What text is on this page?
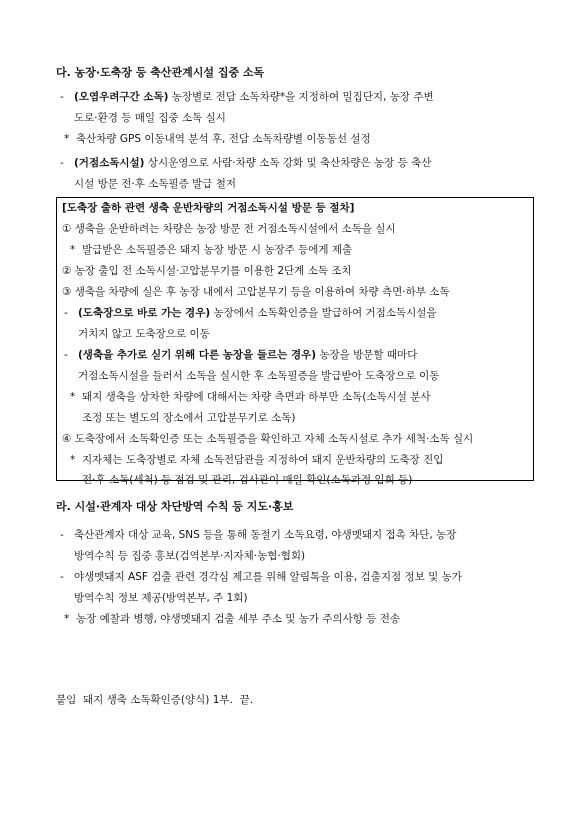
다. 농장·도축장 등 축산관계시설 집중 소독
- (오염우려구간 소독) 농장별로 전담 소독차량*을 지정하여 밀집단지, 농장 주변
도로·환경 등 매일 집중 소독 실시
* 축산차량 GPS 이동내역 분석 후, 전담 소독차량별 이동동선 설정
- (거점소독시설) 상시운영으로 사람·차량 소독 강화 및 축산차량은 농장 등 축산
시설 방문 전·후 소독필증 발급 철저
[도축장 출하 관련 생축 운반차량의 거점소독시설 방문 등 절차]
① 생축을 운반하려는 차량은 농장 방문 전 거점소독시설에서 소독을 실시
* 발급받은 소독필증은 돼지 농장 방문 시 농장주 등에게 제출
② 농장 출입 전 소독시설·고압분무기를 이용한 2단계 소독 조치
③ 생축을 차량에 실은 후 농장 내에서 고압분무기 등을 이용하여 차량 측면·하부 소독
- (도축장으로 바로 가는 경우) 농장에서 소독확인증을 발급하여 거점소독시설을
거치지 않고 도축장으로 이동
- (생축을 추가로 싣기 위해 다른 농장을 들르는 경우) 농장을 방문할 때마다
거점소독시설을 들러서 소독을 실시한 후 소독필증을 발급받아 도축장으로 이동
* 돼지 생축을 상차한 차량에 대해서는 차량 측면과 하부만 소독(소독시설 분사
조정 또는 별도의 장소에서 고압분무기로 소독)
④ 도축장에서 소독확인증 또는 소독필증을 확인하고 자체 소독시설로 추가 세척·소독 실시
* 지자체는 도축장별로 자체 소독전담관을 지정하여 돼지 운반차량의 도축장 진입
전·후 소독(세척) 등 점검 및 관리, 검사관이 매일 확인(소독과정 입회 등)
라. 시설·관계자 대상 차단방역 수칙 등 지도·홍보
- 축산관계자 대상 교육, SNS 등을 통해 동절기 소독요령, 야생멧돼지 접촉 차단, 농장
방역수칙 등 집중 홍보(검역본부·지자체·농협·협회)
- 야생멧돼지 ASF 검출 관련 경각심 제고를 위해 알림톡을 이용, 검출지점 정보 및 농가
방역수칙 정보 제공(방역본부, 주 1회)
* 농장 예찰과 병행, 야생멧돼지 검출 세부 주소 및 농가 주의사항 등 전송
붙임  돼지 생축 소독확인증(양식) 1부.  끝.
